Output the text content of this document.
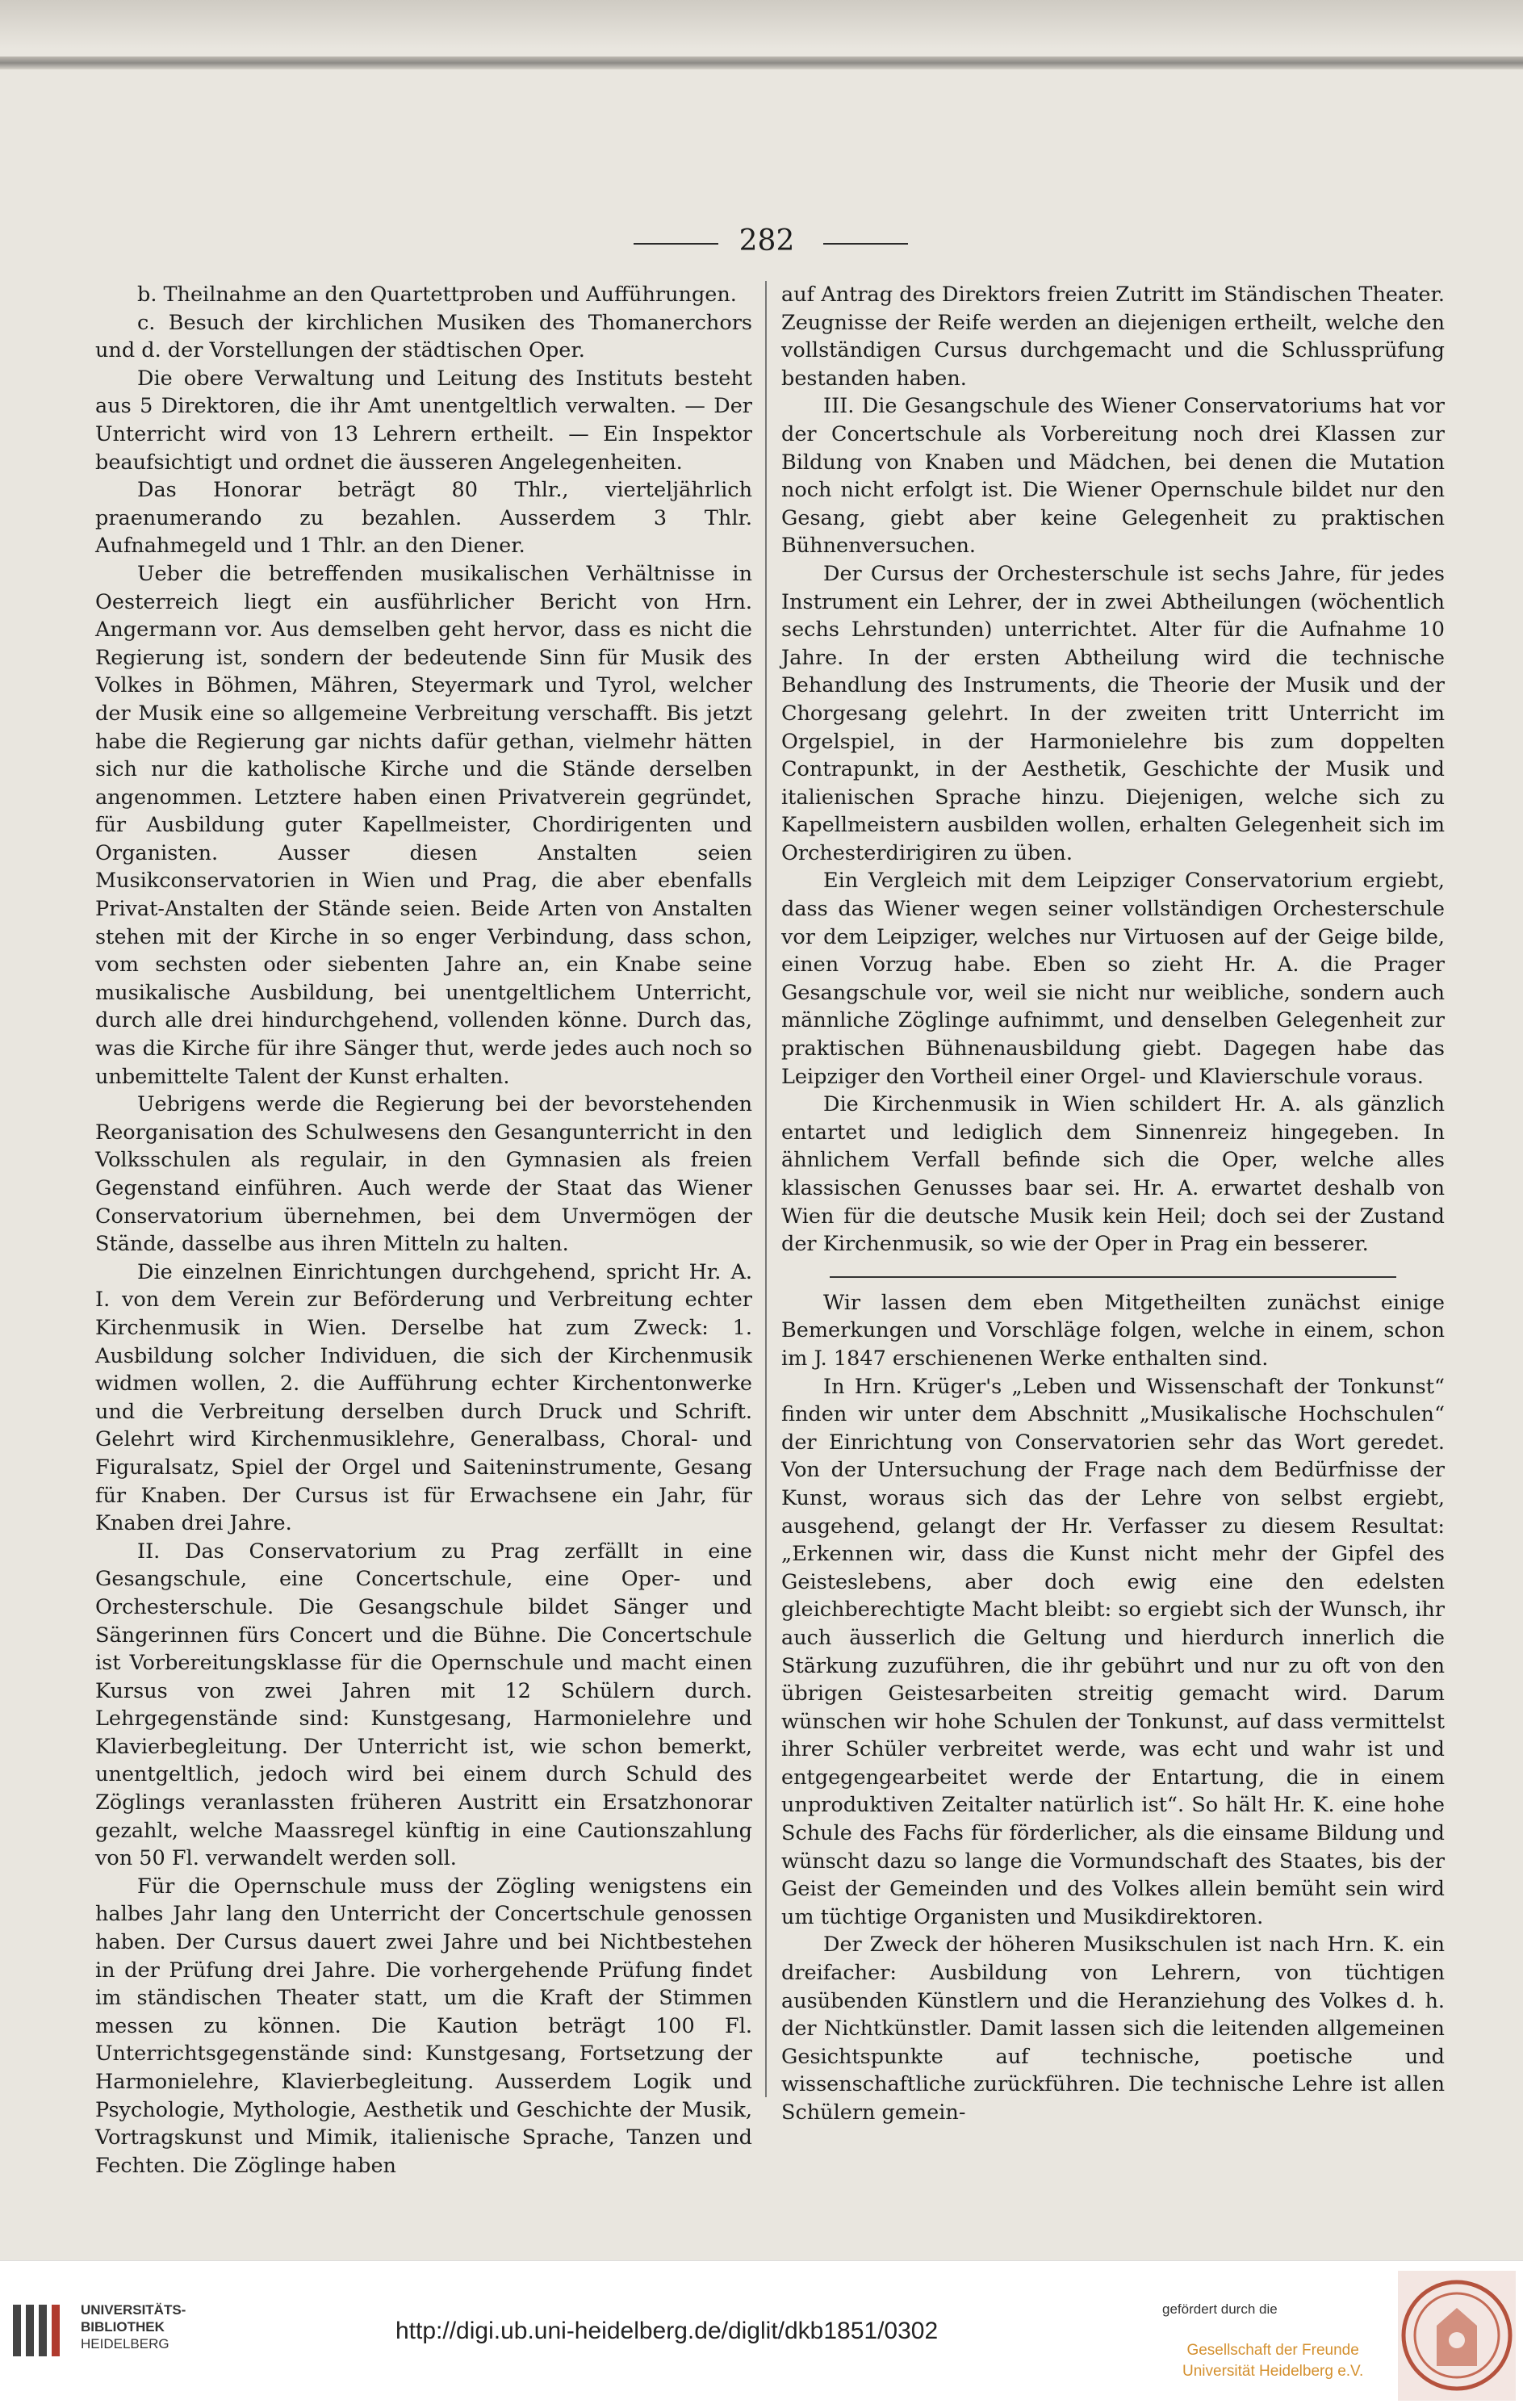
282

b. Theilnahme an den Quartettproben und Aufführungen.

c. Besuch der kirchlichen Musiken des Thomanerchors und d. der Vorstellungen der städtischen Oper.

Die obere Verwaltung und Leitung des Instituts besteht aus 5 Direktoren, die ihr Amt unentgeltlich verwalten. — Der Unterricht wird von 13 Lehrern ertheilt. — Ein Inspektor beaufsichtigt und ordnet die äusseren Angelegenheiten.

Das Honorar beträgt 80 Thlr., vierteljährlich praenumerando zu bezahlen. Ausserdem 3 Thlr. Aufnahmegeld und 1 Thlr. an den Diener.

Ueber die betreffenden musikalischen Verhältnisse in Oesterreich liegt ein ausführlicher Bericht von Hrn. Angermann vor. Aus demselben geht hervor, dass es nicht die Regierung ist, sondern der bedeutende Sinn für Musik des Volkes in Böhmen, Mähren, Steyermark und Tyrol, welcher der Musik eine so allgemeine Verbreitung verschafft. Bis jetzt habe die Regierung gar nichts dafür gethan, vielmehr hätten sich nur die katholische Kirche und die Stände derselben angenommen. Letztere haben einen Privatverein gegründet, für Ausbildung guter Kapellmeister, Chordirigenten und Organisten. Ausser diesen Anstalten seien Musikconservatorien in Wien und Prag, die aber ebenfalls Privat-Anstalten der Stände seien. Beide Arten von Anstalten stehen mit der Kirche in so enger Verbindung, dass schon, vom sechsten oder siebenten Jahre an, ein Knabe seine musikalische Ausbildung, bei unentgeltlichem Unterricht, durch alle drei hindurchgehend, vollenden könne. Durch das, was die Kirche für ihre Sänger thut, werde jedes auch noch so unbemittelte Talent der Kunst erhalten.

Uebrigens werde die Regierung bei der bevorstehenden Reorganisation des Schulwesens den Gesangunterricht in den Volksschulen als regulair, in den Gymnasien als freien Gegenstand einführen. Auch werde der Staat das Wiener Conservatorium übernehmen, bei dem Unvermögen der Stände, dasselbe aus ihren Mitteln zu halten.

Die einzelnen Einrichtungen durchgehend, spricht Hr. A. I. von dem Verein zur Beförderung und Verbreitung echter Kirchenmusik in Wien. Derselbe hat zum Zweck: 1. Ausbildung solcher Individuen, die sich der Kirchenmusik widmen wollen, 2. die Aufführung echter Kirchentonwerke und die Verbreitung derselben durch Druck und Schrift. Gelehrt wird Kirchenmusiklehre, Generalbass, Choral- und Figuralsatz, Spiel der Orgel und Saiteninstrumente, Gesang für Knaben. Der Cursus ist für Erwachsene ein Jahr, für Knaben drei Jahre.

II. Das Conservatorium zu Prag zerfällt in eine Gesangschule, eine Concertschule, eine Oper- und Orchesterschule. Die Gesangschule bildet Sänger und Sängerinnen fürs Concert und die Bühne. Die Concertschule ist Vorbereitungsklasse für die Opernschule und macht einen Kursus von zwei Jahren mit 12 Schülern durch. Lehrgegenstände sind: Kunstgesang, Harmonielehre und Klavierbegleitung. Der Unterricht ist, wie schon bemerkt, unentgeltlich, jedoch wird bei einem durch Schuld des Zöglings veranlassten früheren Austritt ein Ersatzhonorar gezahlt, welche Maassregel künftig in eine Cautionszahlung von 50 Fl. verwandelt werden soll.

Für die Opernschule muss der Zögling wenigstens ein halbes Jahr lang den Unterricht der Concertschule genossen haben. Der Cursus dauert zwei Jahre und bei Nichtbestehen in der Prüfung drei Jahre. Die vorhergehende Prüfung findet im ständischen Theater statt, um die Kraft der Stimmen messen zu können. Die Kaution beträgt 100 Fl. Unterrichtsgegenstände sind: Kunstgesang, Fortsetzung der Harmonielehre, Klavierbegleitung. Ausserdem Logik und Psychologie, Mythologie, Aesthetik und Geschichte der Musik, Vortragskunst und Mimik, italienische Sprache, Tanzen und Fechten. Die Zöglinge haben

auf Antrag des Direktors freien Zutritt im Ständischen Theater. Zeugnisse der Reife werden an diejenigen ertheilt, welche den vollständigen Cursus durchgemacht und die Schlussprüfung bestanden haben.

III. Die Gesangschule des Wiener Conservatoriums hat vor der Concertschule als Vorbereitung noch drei Klassen zur Bildung von Knaben und Mädchen, bei denen die Mutation noch nicht erfolgt ist. Die Wiener Opernschule bildet nur den Gesang, giebt aber keine Gelegenheit zu praktischen Bühnenversuchen.

Der Cursus der Orchesterschule ist sechs Jahre, für jedes Instrument ein Lehrer, der in zwei Abtheilungen (wöchentlich sechs Lehrstunden) unterrichtet. Alter für die Aufnahme 10 Jahre. In der ersten Abtheilung wird die technische Behandlung des Instruments, die Theorie der Musik und der Chorgesang gelehrt. In der zweiten tritt Unterricht im Orgelspiel, in der Harmonielehre bis zum doppelten Contrapunkt, in der Aesthetik, Geschichte der Musik und italienischen Sprache hinzu. Diejenigen, welche sich zu Kapellmeistern ausbilden wollen, erhalten Gelegenheit sich im Orchesterdirigiren zu üben.

Ein Vergleich mit dem Leipziger Conservatorium ergiebt, dass das Wiener wegen seiner vollständigen Orchesterschule vor dem Leipziger, welches nur Virtuosen auf der Geige bilde, einen Vorzug habe. Eben so zieht Hr. A. die Prager Gesangschule vor, weil sie nicht nur weibliche, sondern auch männliche Zöglinge aufnimmt, und denselben Gelegenheit zur praktischen Bühnenausbildung giebt. Dagegen habe das Leipziger den Vortheil einer Orgel- und Klavierschule voraus.

Die Kirchenmusik in Wien schildert Hr. A. als gänzlich entartet und lediglich dem Sinnenreiz hingegeben. In ähnlichem Verfall befinde sich die Oper, welche alles klassischen Genusses baar sei. Hr. A. erwartet deshalb von Wien für die deutsche Musik kein Heil; doch sei der Zustand der Kirchenmusik, so wie der Oper in Prag ein besserer.

Wir lassen dem eben Mitgetheilten zunächst einige Bemerkungen und Vorschläge folgen, welche in einem, schon im J. 1847 erschienenen Werke enthalten sind.

In Hrn. Krüger's „Leben und Wissenschaft der Tonkunst“ finden wir unter dem Abschnitt „Musikalische Hochschulen“ der Einrichtung von Conservatorien sehr das Wort geredet. Von der Untersuchung der Frage nach dem Bedürfnisse der Kunst, woraus sich das der Lehre von selbst ergiebt, ausgehend, gelangt der Hr. Verfasser zu diesem Resultat: „Erkennen wir, dass die Kunst nicht mehr der Gipfel des Geisteslebens, aber doch ewig eine den edelsten gleichberechtigte Macht bleibt: so ergiebt sich der Wunsch, ihr auch äusserlich die Geltung und hierdurch innerlich die Stärkung zuzuführen, die ihr gebührt und nur zu oft von den übrigen Geistesarbeiten streitig gemacht wird. Darum wünschen wir hohe Schulen der Tonkunst, auf dass vermittelst ihrer Schüler verbreitet werde, was echt und wahr ist und entgegengearbeitet werde der Entartung, die in einem unproduktiven Zeitalter natürlich ist“. So hält Hr. K. eine hohe Schule des Fachs für förderlicher, als die einsame Bildung und wünscht dazu so lange die Vormundschaft des Staates, bis der Geist der Gemeinden und des Volkes allein bemüht sein wird um tüchtige Organisten und Musikdirektoren.

Der Zweck der höheren Musikschulen ist nach Hrn. K. ein dreifacher: Ausbildung von Lehrern, von tüchtigen ausübenden Künstlern und die Heranziehung des Volkes d. h. der Nichtkünstler. Damit lassen sich die leitenden allgemeinen Gesichtspunkte auf technische, poetische und wissenschaftliche zurückführen. Die technische Lehre ist allen Schülern gemein-

UNIVERSITÄTS-
BIBLIOTHEK
HEIDELBERG	http://digi.ub.uni-heidelberg.de/diglit/dkb1851/0302
gefördert durch die
Gesellschaft der Freunde
Universität Heidelberg e.V.
